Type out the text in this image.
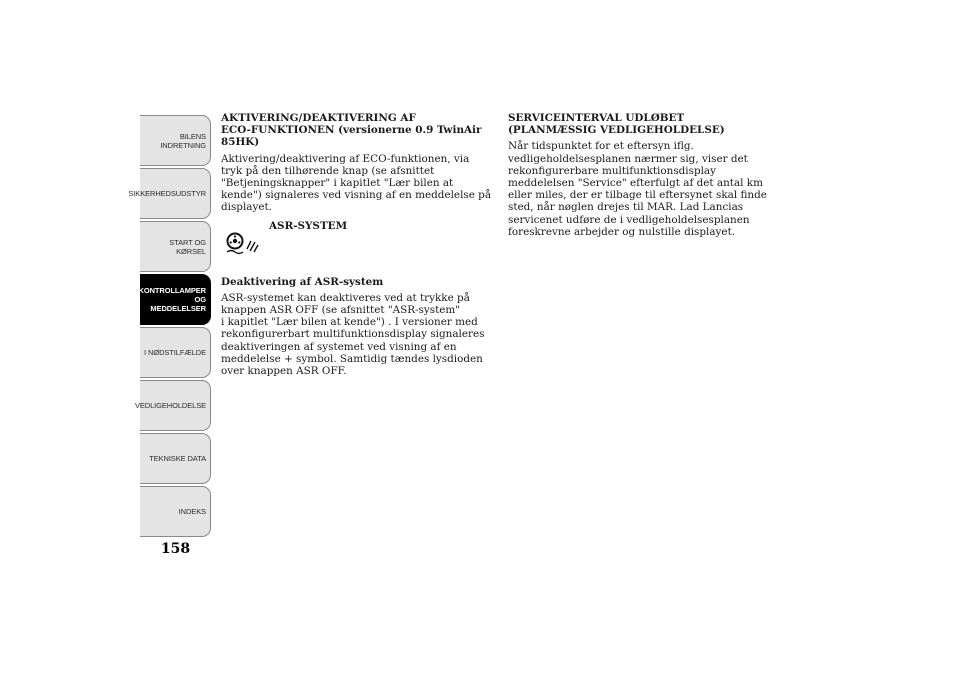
BILENS
INDRETNING
SIKKERHEDSUDSTYR
START OG KØRSEL
KONTROLLAMPER
OG MEDDELELSER
I NØDSTILFÆLDE
VEDLIGEHOLDELSE
TEKNISKE DATA
INDEKS
158

AKTIVERING/DEAKTIVERING AF
ECO-FUNKTIONEN (versionerne 0.9 TwinAir
85HK)

Aktivering/deaktivering af ECO-funktionen, via
tryk på den tilhørende knap (se afsnittet
"Betjeningsknapper" i kapitlet "Lær bilen at
kende") signaleres ved visning af en meddelelse på
displayet.

ASR-SYSTEM

Deaktivering af ASR-system

ASR-systemet kan deaktiveres ved at trykke på
knappen ASR OFF (se afsnittet "ASR-system"
i kapitlet "Lær bilen at kende") . I versioner med
rekonfigurerbart multifunktionsdisplay signaleres
deaktiveringen af systemet ved visning af en
meddelelse + symbol. Samtidig tændes lysdioden
over knappen ASR OFF.

SERVICEINTERVAL UDLØBET
(PLANMÆSSIG VEDLIGEHOLDELSE)

Når tidspunktet for et eftersyn iflg.
vedligeholdelsesplanen nærmer sig, viser det
rekonfigurerbare multifunktionsdisplay
meddelelsen "Service" efterfulgt af det antal km
eller miles, der er tilbage til eftersynet skal finde
sted, når nøglen drejes til MAR. Lad Lancias
servicenet udføre de i vedligeholdelsesplanen
foreskrevne arbejder og nulstille displayet.
